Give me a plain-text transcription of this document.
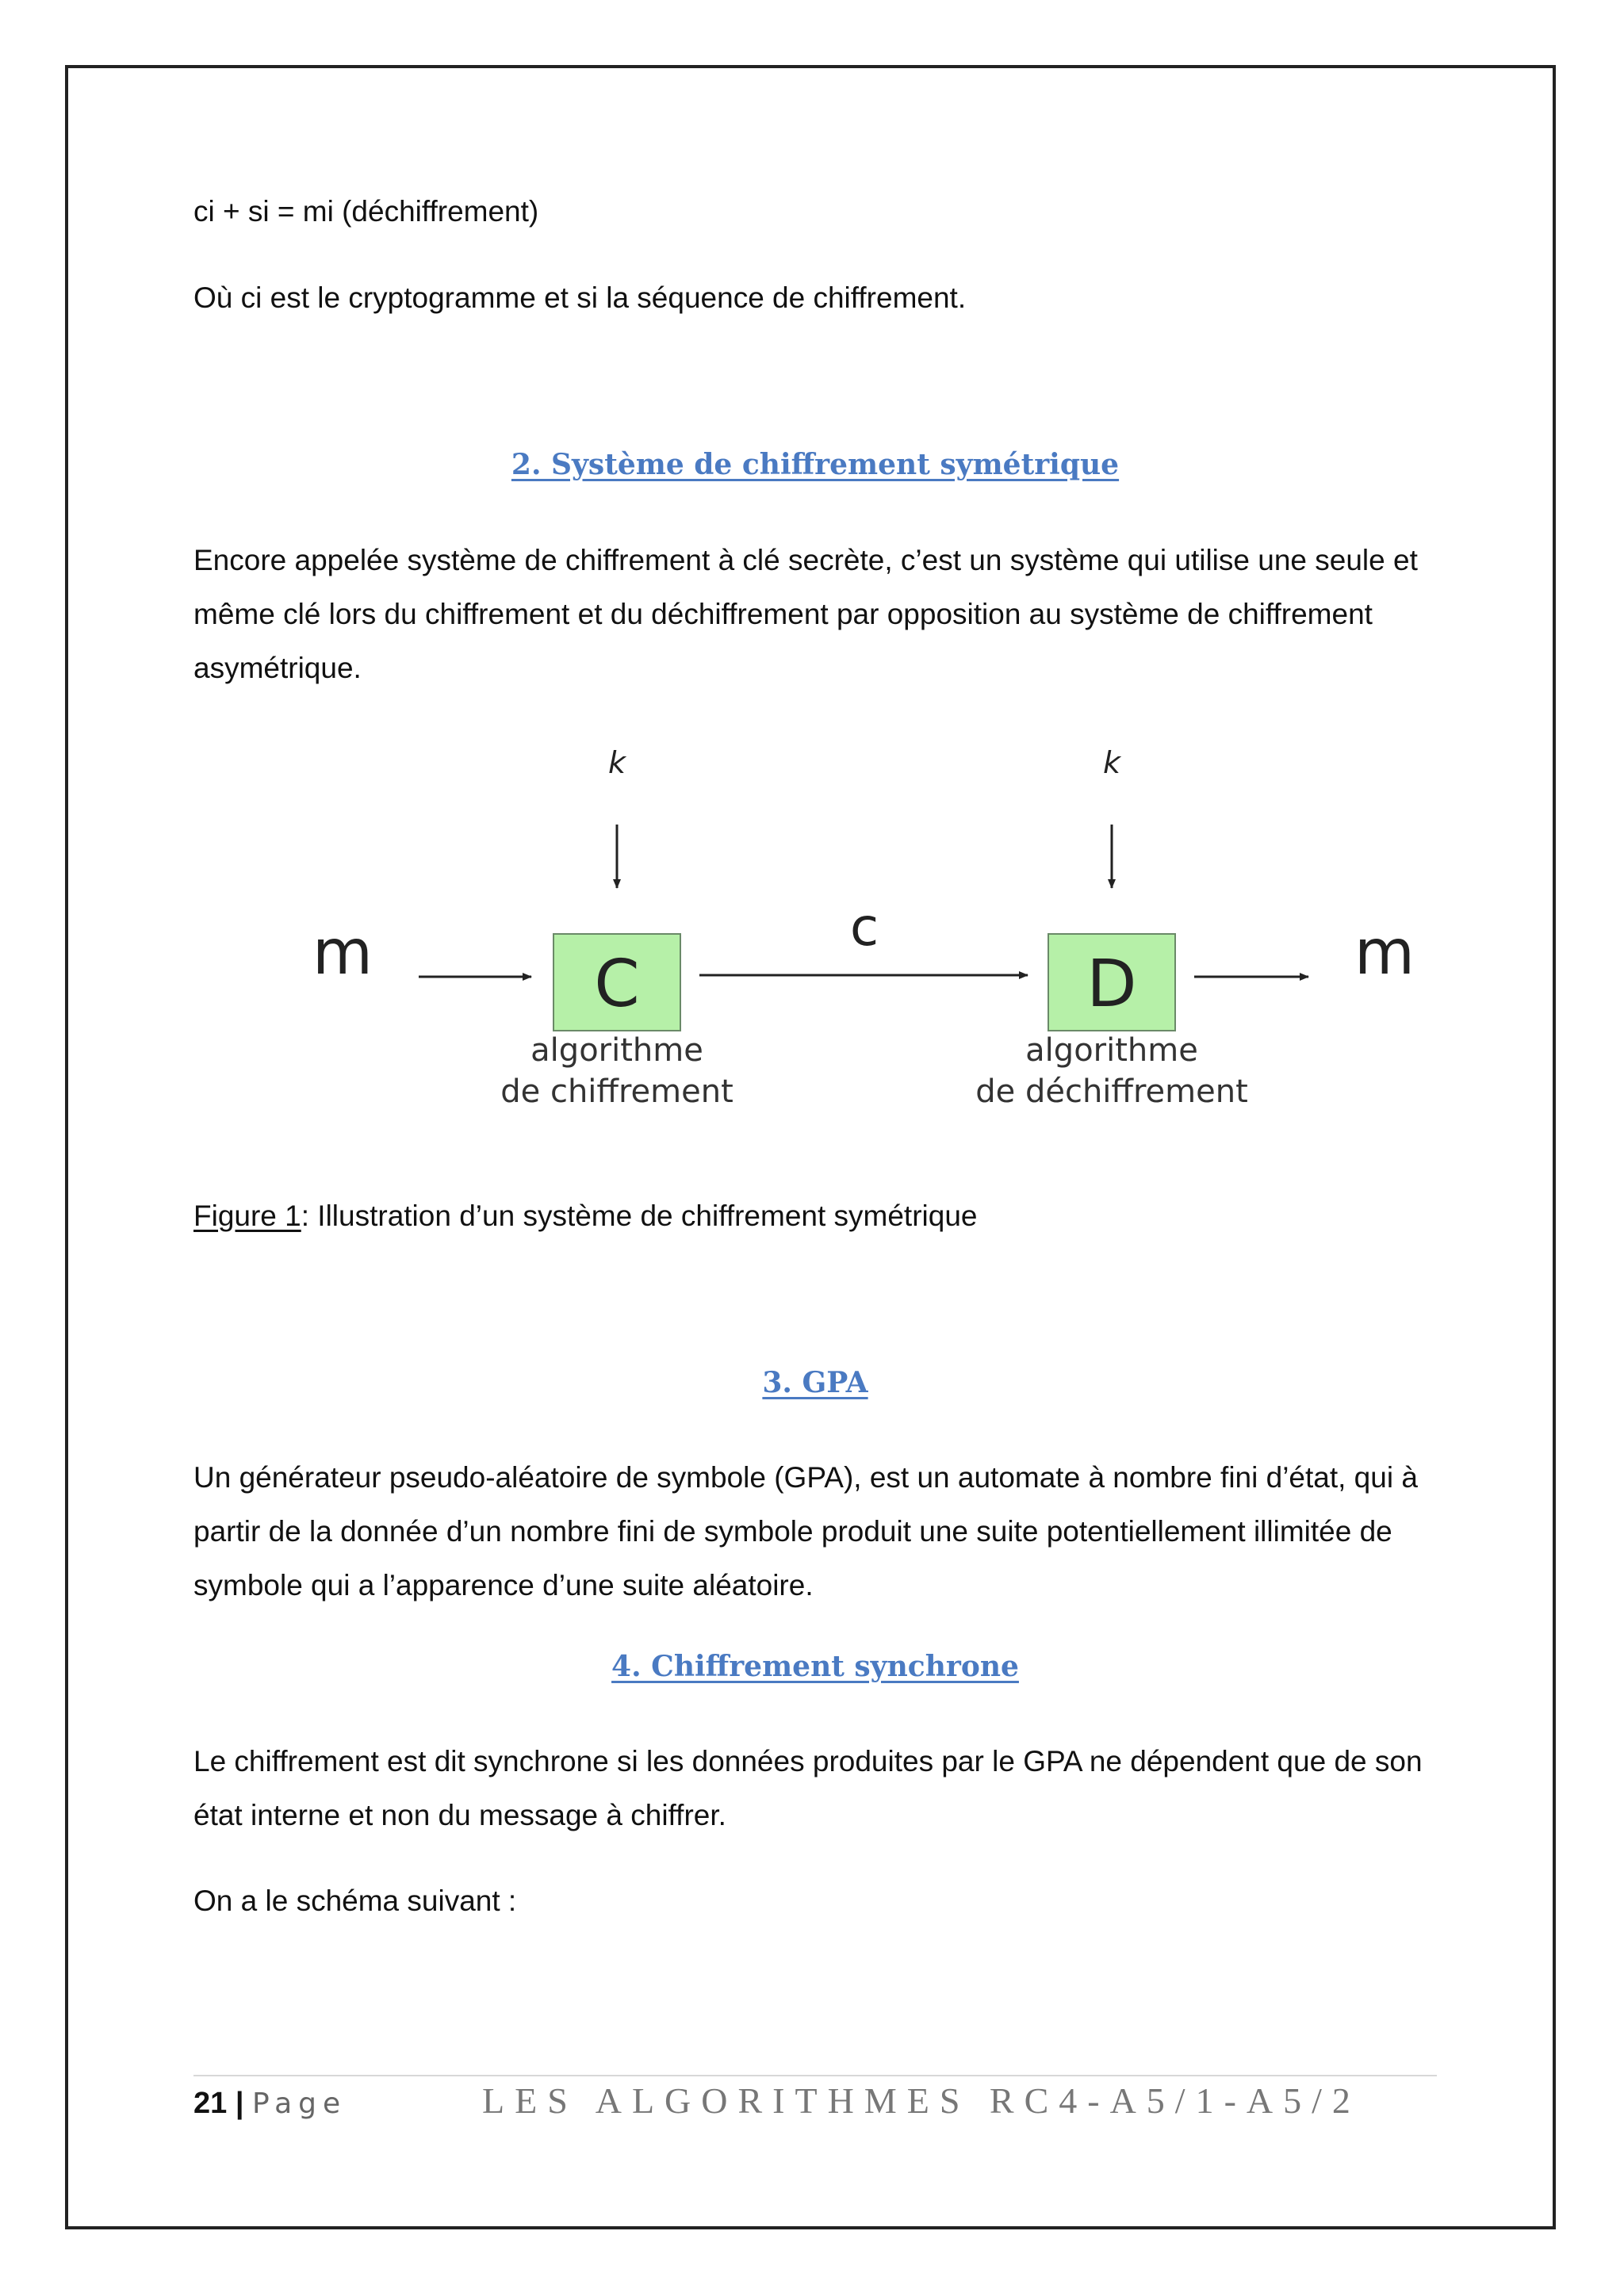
ci + si = mi (déchiffrement)

Où ci est le cryptogramme et si la séquence de chiffrement.

2. Système de chiffrement symétrique

Encore appelée système de chiffrement à clé secrète, c’est un système qui utilise une seule et même clé lors du chiffrement et du déchiffrement par opposition au système de chiffrement asymétrique.

k	k
m	m
c
C	D
algorithme
de chiffrement
algorithme
de déchiffrement
Figure 1: Illustration d’un système de chiffrement symétrique

3. GPA

Un générateur pseudo-aléatoire de symbole (GPA), est un automate à nombre fini d’état, qui à partir de la donnée d’un nombre fini de symbole produit une suite potentiellement illimitée de symbole qui a l’apparence d’une suite aléatoire.

4. Chiffrement synchrone

Le chiffrement est dit synchrone si les données produites par le GPA ne dépendent que de son état interne et non du message à chiffrer.

On a le schéma suivant :

21 | Page	LES ALGORITHMES RC4-A5/1-A5/2
